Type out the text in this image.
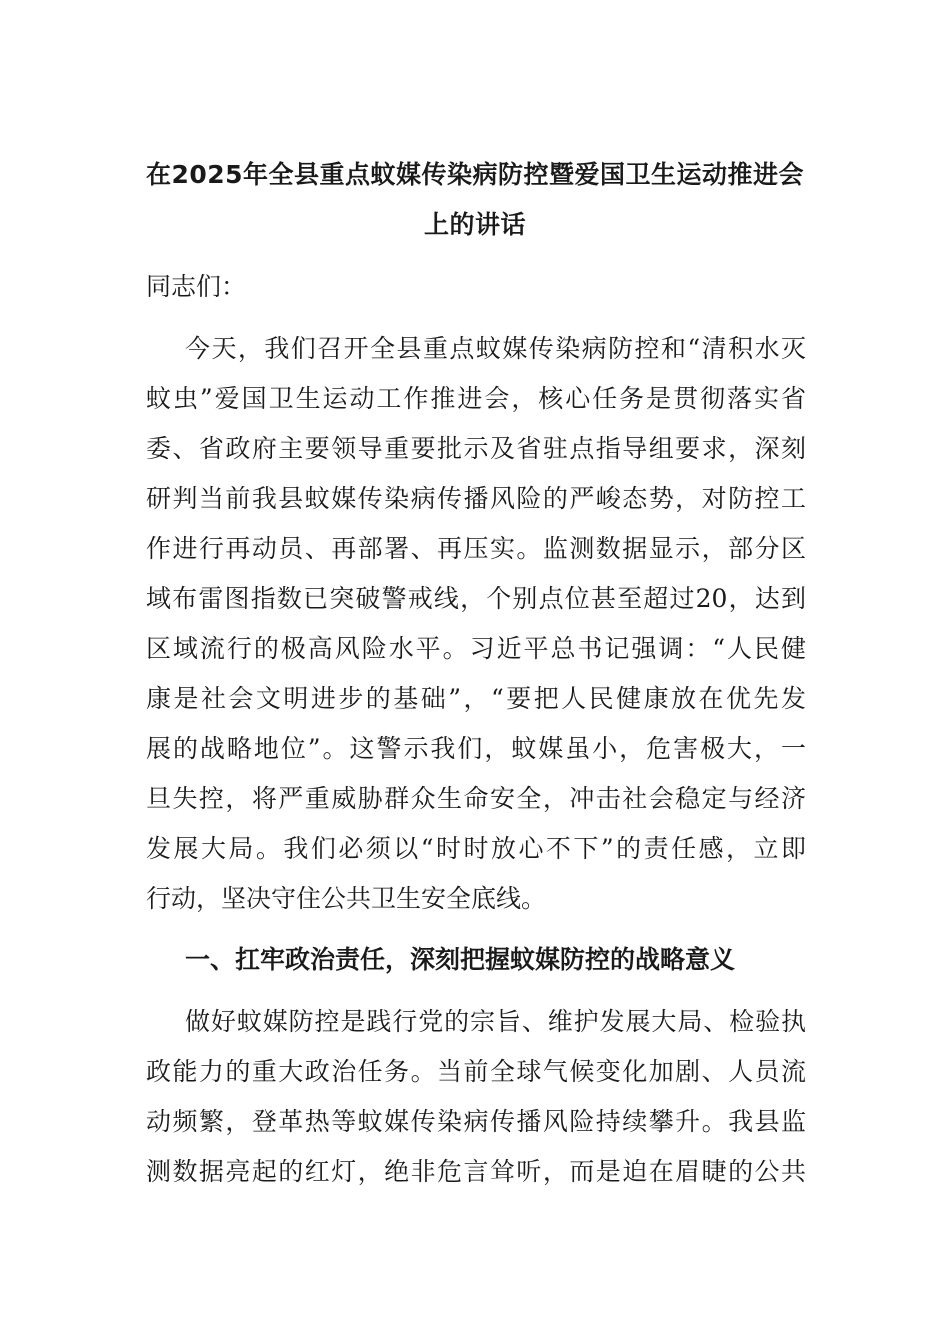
在2025年全县重点蚊媒传染病防控暨爱国卫生运动推进会
上的讲话

同志们：

今天，我们召开全县重点蚊媒传染病防控和“清积水灭

蚊虫”爱国卫生运动工作推进会，核心任务是贯彻落实省

委、省政府主要领导重要批示及省驻点指导组要求，深刻

研判当前我县蚊媒传染病传播风险的严峻态势，对防控工

作进行再动员、再部署、再压实。监测数据显示，部分区

域布雷图指数已突破警戒线，个别点位甚至超过20，达到

区域流行的极高风险水平。习近平总书记强调：“人民健

康是社会文明进步的基础”，“要把人民健康放在优先发

展的战略地位”。这警示我们，蚊媒虽小，危害极大，一

旦失控，将严重威胁群众生命安全，冲击社会稳定与经济

发展大局。我们必须以“时时放心不下”的责任感，立即

行动，坚决守住公共卫生安全底线。

一、扛牢政治责任，深刻把握蚊媒防控的战略意义

做好蚊媒防控是践行党的宗旨、维护发展大局、检验执

政能力的重大政治任务。当前全球气候变化加剧、人员流

动频繁，登革热等蚊媒传染病传播风险持续攀升。我县监

测数据亮起的红灯，绝非危言耸听，而是迫在眉睫的公共
